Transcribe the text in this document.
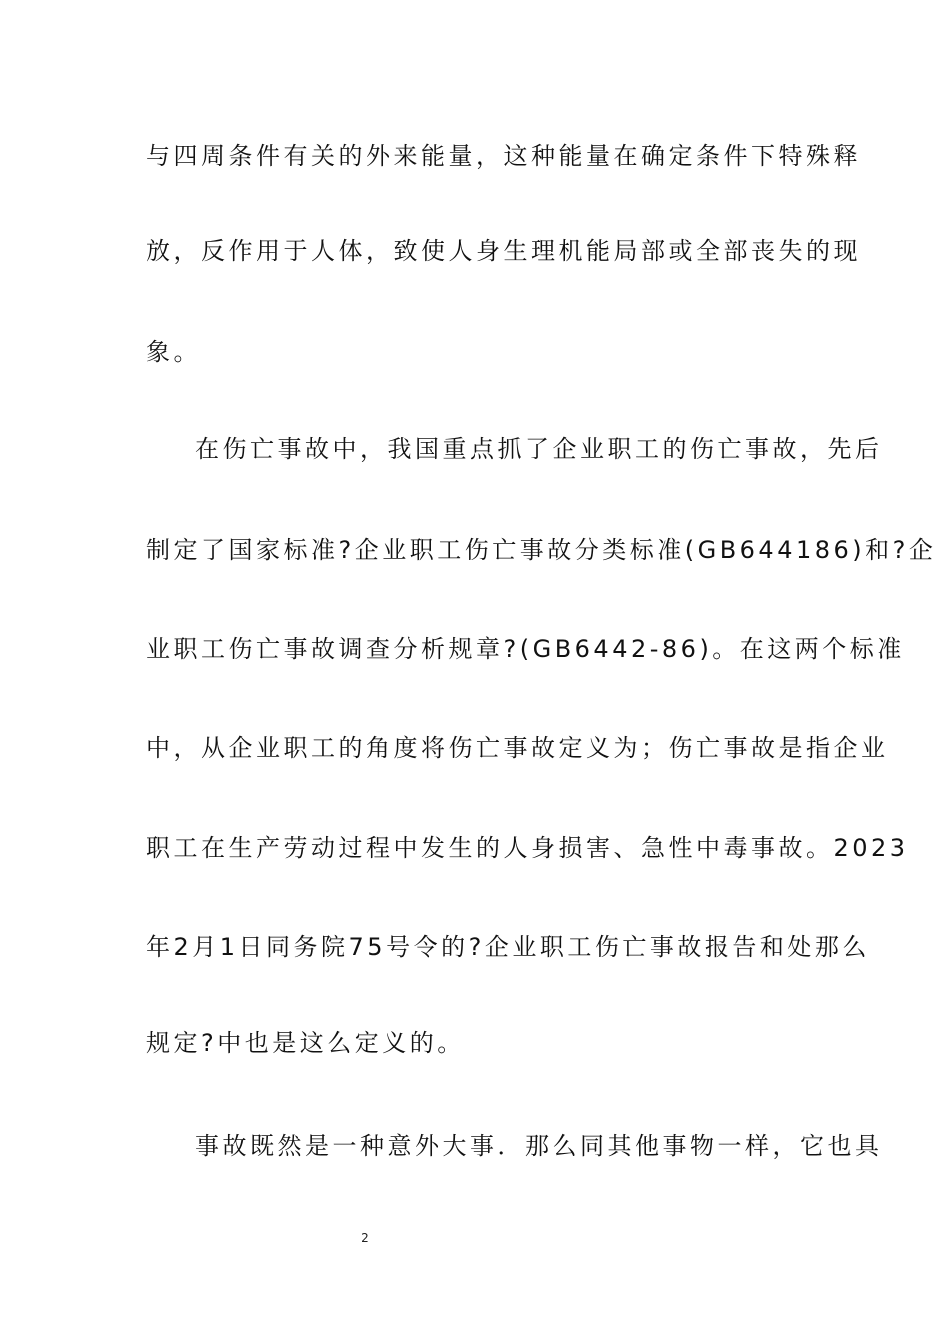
与四周条件有关的外来能量，这种能量在确定条件下特殊释
放，反作用于人体，致使人身生理机能局部或全部丧失的现
象。
在伤亡事故中，我国重点抓了企业职工的伤亡事故，先后
制定了国家标准?企业职工伤亡事故分类标准(GB644186)和?企
业职工伤亡事故调查分析规章?(GB6442-86)。在这两个标准
中，从企业职工的角度将伤亡事故定义为；伤亡事故是指企业
职工在生产劳动过程中发生的人身损害、急性中毒事故。2023
年2月1日同务院75号令的?企业职工伤亡事故报告和处那么
规定?中也是这么定义的。
事故既然是一种意外大事．那么同其他事物一样，它也具
2
